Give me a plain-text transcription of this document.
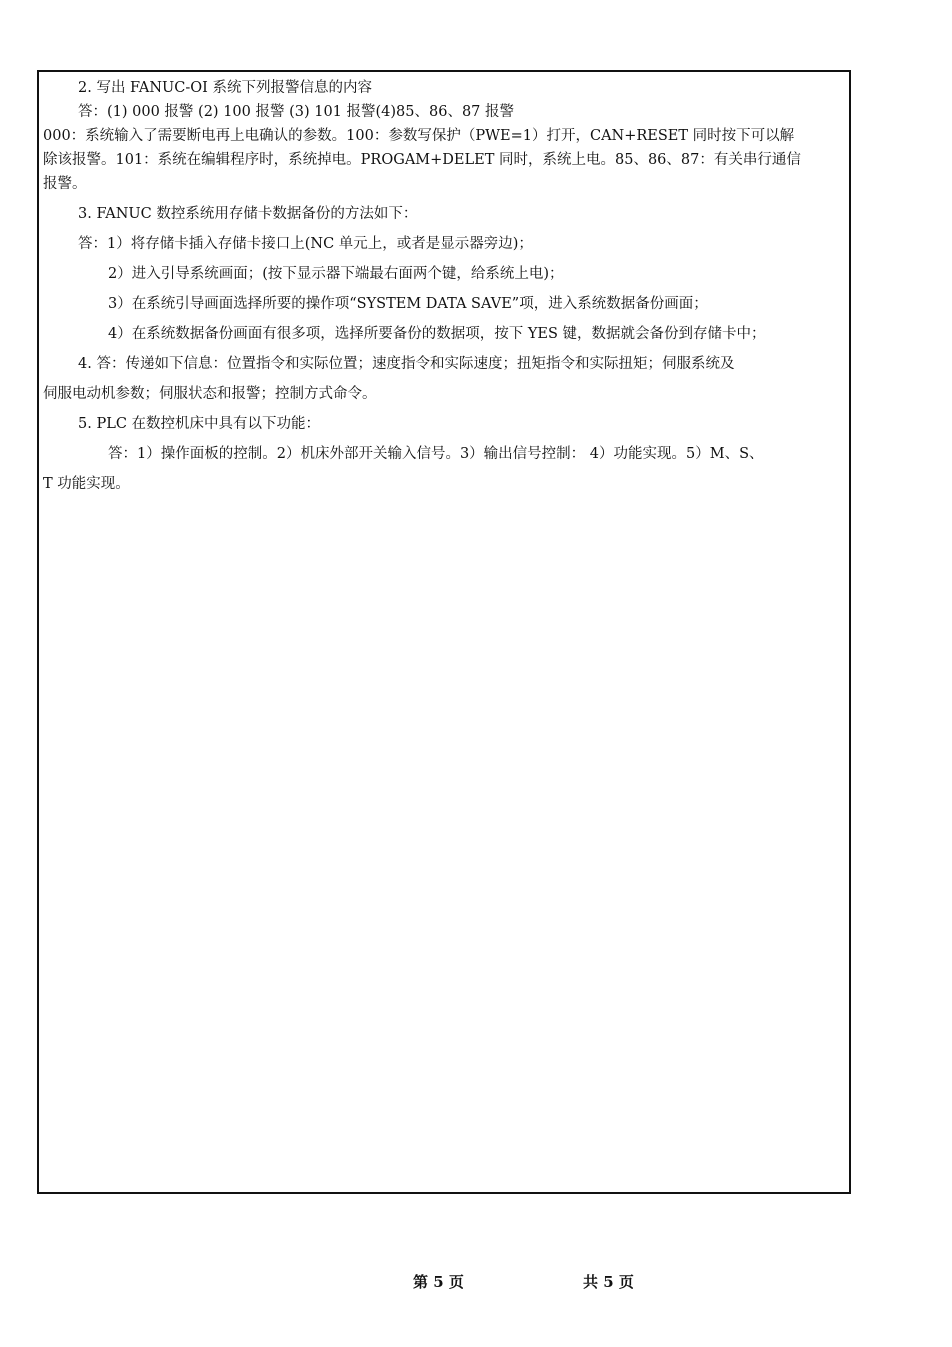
2. 写出 FANUC-OI 系统下列报警信息的内容
答：(1) 000 报警 (2) 100 报警 (3) 101 报警(4)85、86、87 报警
000：系统输入了需要断电再上电确认的参数。100：参数写保护（PWE=1）打开，CAN+RESET 同时按下可以解
除该报警。101：系统在编辑程序时，系统掉电。PROGAM+DELET 同时，系统上电。85、86、87：有关串行通信
报警。
3. FANUC 数控系统用存储卡数据备份的方法如下：
答：1）将存储卡插入存储卡接口上(NC 单元上，或者是显示器旁边)；
2）进入引导系统画面；(按下显示器下端最右面两个键，给系统上电)；
3）在系统引导画面选择所要的操作项“SYSTEM DATA SAVE”项，进入系统数据备份画面；
4）在系统数据备份画面有很多项，选择所要备份的数据项，按下 YES 键，数据就会备份到存储卡中；
4. 答：传递如下信息：位置指令和实际位置；速度指令和实际速度；扭矩指令和实际扭矩；伺服系统及
伺服电动机参数；伺服状态和报警；控制方式命令。
5. PLC 在数控机床中具有以下功能：
答：1）操作面板的控制。2）机床外部开关输入信号。3）输出信号控制： 4）功能实现。5）M、S、
T 功能实现。
第 5 页	共 5 页
